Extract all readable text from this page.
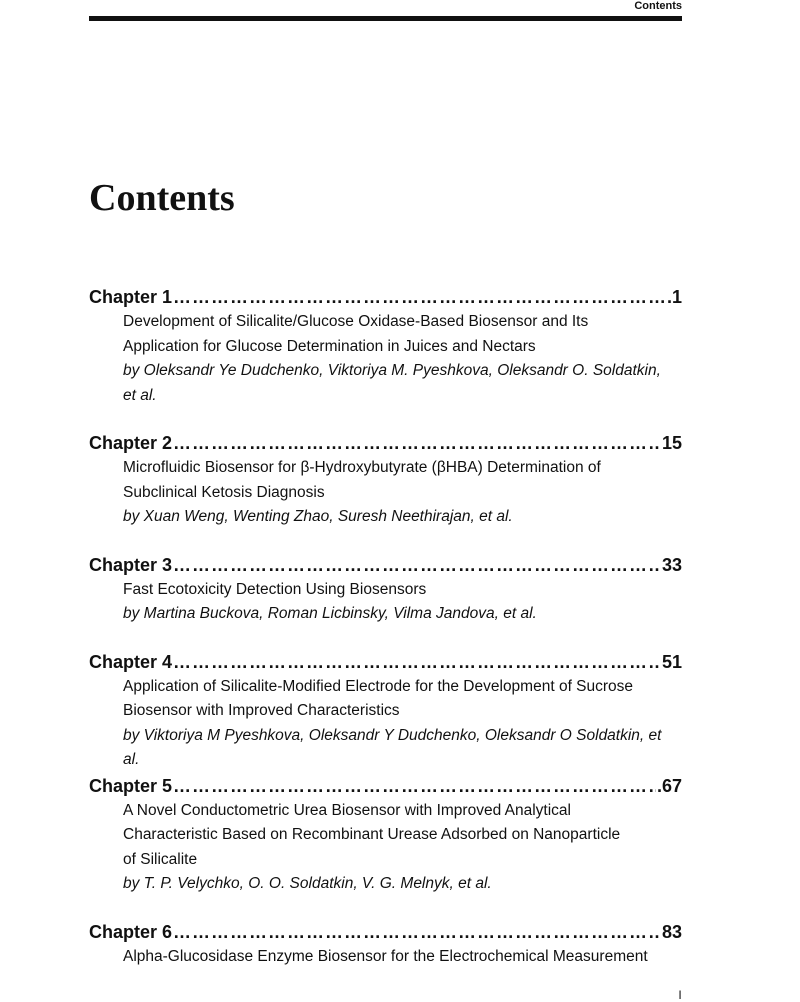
Contents
Contents
Chapter 1 …………………………………………………………………………………………………………………………………………………………………	.1
Development of Silicalite/Glucose Oxidase-Based Biosensor and Its
Application for Glucose Determination in Juices and Nectars
by Oleksandr Ye Dudchenko, Viktoriya M. Pyeshkova, Oleksandr O. Soldatkin,
et al.
Chapter 2 …………………………………………………………………………………………………………………………………………………………………	15
Microfluidic Biosensor for β-Hydroxybutyrate (βHBA) Determination of
Subclinical Ketosis Diagnosis
by Xuan Weng, Wenting Zhao, Suresh Neethirajan, et al.
Chapter 3 …………………………………………………………………………………………………………………………………………………………………	33
Fast Ecotoxicity Detection Using Biosensors
by Martina Buckova, Roman Licbinsky, Vilma Jandova, et al.
Chapter 4 …………………………………………………………………………………………………………………………………………………………………	51
Application of Silicalite-Modified Electrode for the Development of Sucrose
Biosensor with Improved Characteristics
by Viktoriya M Pyeshkova, Oleksandr Y Dudchenko, Oleksandr O Soldatkin, et al.
Chapter 5 …………………………………………………………………………………………………………………………………………………………………	.67
A Novel Conductometric Urea Biosensor with Improved Analytical
Characteristic Based on Recombinant Urease Adsorbed on Nanoparticle
of Silicalite
by T. P. Velychko, O. O. Soldatkin, V. G. Melnyk, et al.
Chapter 6 …………………………………………………………………………………………………………………………………………………………………	83
Alpha-Glucosidase Enzyme Biosensor for the Electrochemical Measurement
I
